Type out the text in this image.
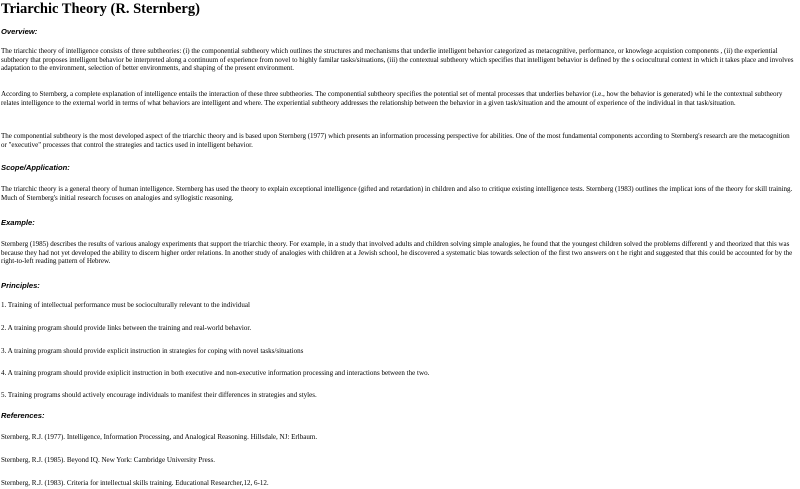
Triarchic Theory (R. Sternberg)
Overview:

The triarchic theory of intelligence consists of three subtheories: (i) the componential subtheory which outlines the structures and mechanisms that underlie intelligent behavior categorized as metacognitive, performance, or knowlege acquistion components , (ii) the experiential subtheory that proposes intelligent behavior be interpreted along a continuum of experience from novel to highly familar tasks/situations, (iii) the contextual subtheory which specifies that intelligent behavior is defined by the s ociocultural context in which it takes place and involves adaptation to the environment, selection of better environments, and shaping of the present environment.

According to Sternberg, a complete explanation of intelligence entails the interaction of these three subtheories. The componential subtheory specifies the potential set of mental processes that underlies behavior (i.e., how the behavior is generated) whi le the contextual subtheory relates intelligence to the external world in terms of what behaviors are intelligent and where. The experiential subtheory addresses the relationship between the behavior in a given task/situation and the amount of experience of the individual in that task/situation.

The componential subtheory is the most developed aspect of the triarchic theory and is based upon Sternberg (1977) which presents an information processing perspective for abilities. One of the most fundamental components according to Sternberg's research are the metacognition or "executive" processes that control the strategies and tactics used in intelligent behavior.

Scope/Application:

The triarchic theory is a general theory of human intelligence. Sternberg has used the theory to explain exceptional intelligence (gifted and retardation) in children and also to critique existing intelligence tests. Sternberg (1983) outlines the implicat ions of the theory for skill training. Much of Sternberg's initial research focuses on analogies and syllogistic reasoning.

Example:

Sternberg (1985) describes the results of various analogy experiments that support the triarchic theory. For example, in a study that involved adults and children solving simple analogies, he found that the youngest children solved the problems differentl y and theorized that this was because they had not yet developed the ability to discern higher order relations. In another study of analogies with children at a Jewish school, he discovered a systematic bias towards selection of the first two answers on t he right and suggested that this could be accounted for by the right-to-left reading pattern of Hebrew.

Principles:

1. Training of intellectual performance must be socioculturally relevant to the individual

2. A training program should provide links between the training and real-world behavior.

3. A training program should provide explicit instruction in strategies for coping with novel tasks/situations

4. A training program should provide exiplicit instruction in both executive and non-executive information processing and interactions between the two.

5. Training programs should actively encourage individuals to manifest their differences in strategies and styles.

References:

Sternberg, R.J. (1977). Intelligence, Information Processing, and Analogical Reasoning. Hillsdale, NJ: Erlbaum.

Sternberg, R.J. (1985). Beyond IQ. New York: Cambridge University Press.

Sternberg, R.J. (1983). Criteria for intellectual skills training. Educational Researcher,12, 6-12.
